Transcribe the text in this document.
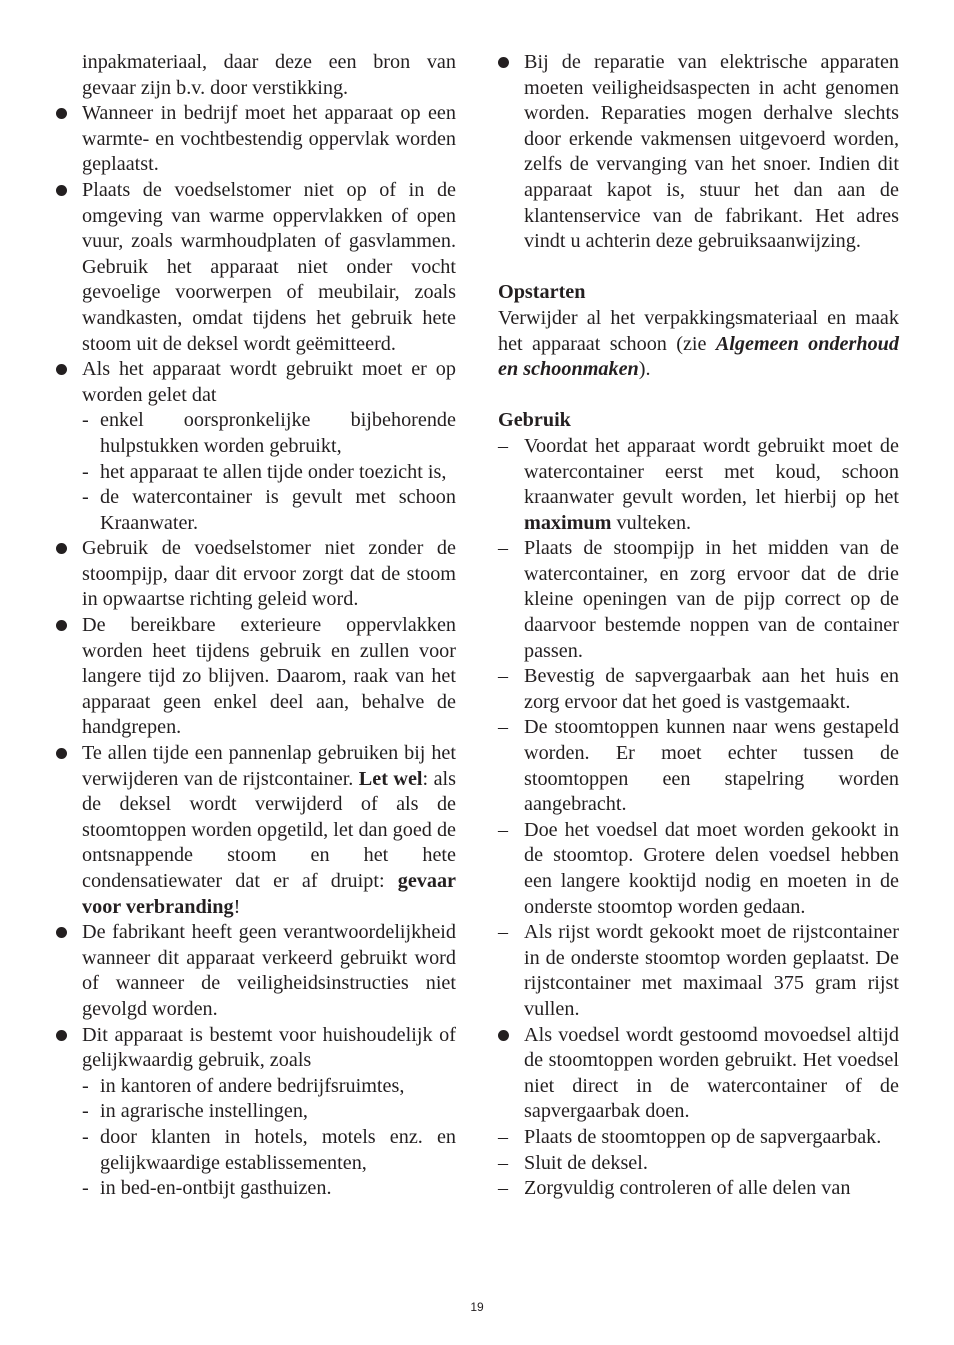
inpakmateriaal, daar deze een bron van gevaar zijn b.v. door verstikking.
Wanneer in bedrijf moet het apparaat op een warmte- en vochtbestendig oppervlak worden geplaatst.
Plaats de voedselstomer niet op of in de omgeving van warme oppervlakken of open vuur, zoals warmhoudplaten of gasvlammen. Gebruik het apparaat niet onder vocht gevoelige voorwerpen of meubilair, zoals wandkasten, omdat tijdens het gebruik hete stoom uit de deksel wordt geëmitteerd.
Als het apparaat wordt gebruikt moet er op worden gelet dat
- enkel oorspronkelijke bijbehorende hulpstukken worden gebruikt,
- het apparaat te allen tijde onder toezicht is,
- de watercontainer is gevult met schoon Kraanwater.
Gebruik de voedselstomer niet zonder de stoompijp, daar dit ervoor zorgt dat de stoom in opwaartse richting geleid word.
De bereikbare exterieure oppervlakken worden heet tijdens gebruik en zullen voor langere tijd zo blijven. Daarom, raak van het apparaat geen enkel deel aan, behalve de handgrepen.
Te allen tijde een pannenlap gebruiken bij het verwijderen van de rijstcontainer. Let wel: als de deksel wordt verwijderd of als de stoomtoppen worden opgetild, let dan goed de ontsnappende stoom en het hete condensatiewater dat er af druipt: gevaar voor verbranding!
De fabrikant heeft geen verantwoordelijkheid wanneer dit apparaat verkeerd gebruikt word of wanneer de veiligheidsinstructies niet gevolgd worden.
Dit apparaat is bestemt voor huishoudelijk of gelijkwaardig gebruik, zoals
- in kantoren of andere bedrijfsruimtes,
- in agrarische instellingen,
- door klanten in hotels, motels enz. en gelijkwaardige establissementen,
- in bed-en-ontbijt gasthuizen.
Bij de reparatie van elektrische apparaten moeten veiligheidsaspecten in acht genomen worden. Reparaties mogen derhalve slechts door erkende vakmensen uitgevoerd worden, zelfs de vervanging van het snoer. Indien dit apparaat kapot is, stuur het dan aan de klantenservice van de fabrikant. Het adres vindt u achterin deze gebruiksaanwijzing.
Opstarten
Verwijder al het verpakkingsmateriaal en maak het apparaat schoon (zie Algemeen onderhoud en schoonmaken).
Gebruik
– Voordat het apparaat wordt gebruikt moet de watercontainer eerst met koud, schoon kraanwater gevult worden, let hierbij op het maximum vulteken.
– Plaats de stoompijp in het midden van de watercontainer, en zorg ervoor dat de drie kleine openingen van de pijp correct op de daarvoor bestemde noppen van de container passen.
– Bevestig de sapvergaarbak aan het huis en zorg ervoor dat het goed is vastgemaakt.
– De stoomtoppen kunnen naar wens gestapeld worden. Er moet echter tussen de stoomtoppen een stapelring worden aangebracht.
– Doe het voedsel dat moet worden gekookt in de stoomtop. Grotere delen voedsel hebben een langere kooktijd nodig en moeten in de onderste stoomtop worden gedaan.
– Als rijst wordt gekookt moet de rijstcontainer in de onderste stoomtop worden geplaatst. De rijstcontainer met maximaal 375 gram rijst vullen.
Als voedsel wordt gestoomd movoedsel altijd de stoomtoppen worden gebruikt. Het voedsel niet direct in de watercontainer of de sapvergaarbak doen.
– Plaats de stoomtoppen op de sapvergaarbak.
– Sluit de deksel.
– Zorgvuldig controleren of alle delen van
19
